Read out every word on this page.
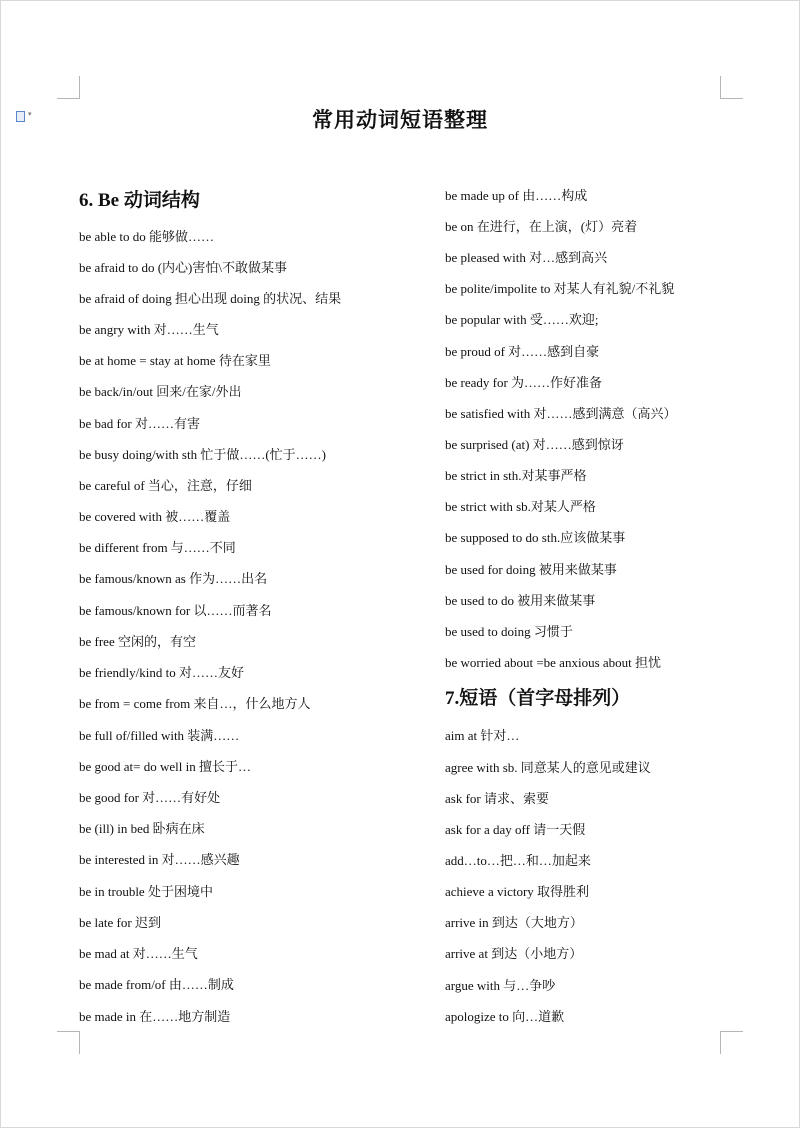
▾	常用动词短语整理
6. Be 动词结构
be able to do 能够做……
be afraid to do (内心)害怕\不敢做某事
be afraid of doing 担心出现 doing 的状况、结果
be angry with 对……生气
be at home = stay at home 待在家里
be back/in/out 回来/在家/外出
be bad for 对……有害
be busy doing/with sth 忙于做……(忙于……)
be careful of 当心，注意，仔细
be covered with 被……覆盖
be different from 与……不同
be famous/known as 作为……出名
be famous/known for 以……而著名
be free 空闲的，有空
be friendly/kind to 对……友好
be from = come from 来自…，什么地方人
be full of/filled with 装满……
be good at= do well in 擅长于…
be good for 对……有好处
be (ill) in bed 卧病在床
be interested in 对……感兴趣
be in trouble 处于困境中
be late for 迟到
be mad at 对……生气
be made from/of 由……制成
be made in 在……地方制造
be made up of 由……构成
be on 在进行，在上演，(灯）亮着
be pleased with 对…感到高兴
be polite/impolite to 对某人有礼貌/不礼貌
be popular with 受……欢迎;
be proud of 对……感到自豪
be ready for 为……作好准备
be satisfied with 对……感到满意（高兴）
be surprised (at) 对……感到惊讶
be strict in sth.对某事严格
be strict with sb.对某人严格
be supposed to do sth.应该做某事
be used for doing 被用来做某事
be used to do 被用来做某事
be used to doing 习惯于
be worried about =be anxious about 担忧
7.短语（首字母排列）
aim at 针对…
agree with sb. 同意某人的意见或建议
ask for 请求、索要
ask for a day off 请一天假
add…to…把…和…加起来
achieve a victory 取得胜利
arrive in 到达（大地方）
arrive at 到达（小地方）
argue with 与…争吵
apologize to 向…道歉
